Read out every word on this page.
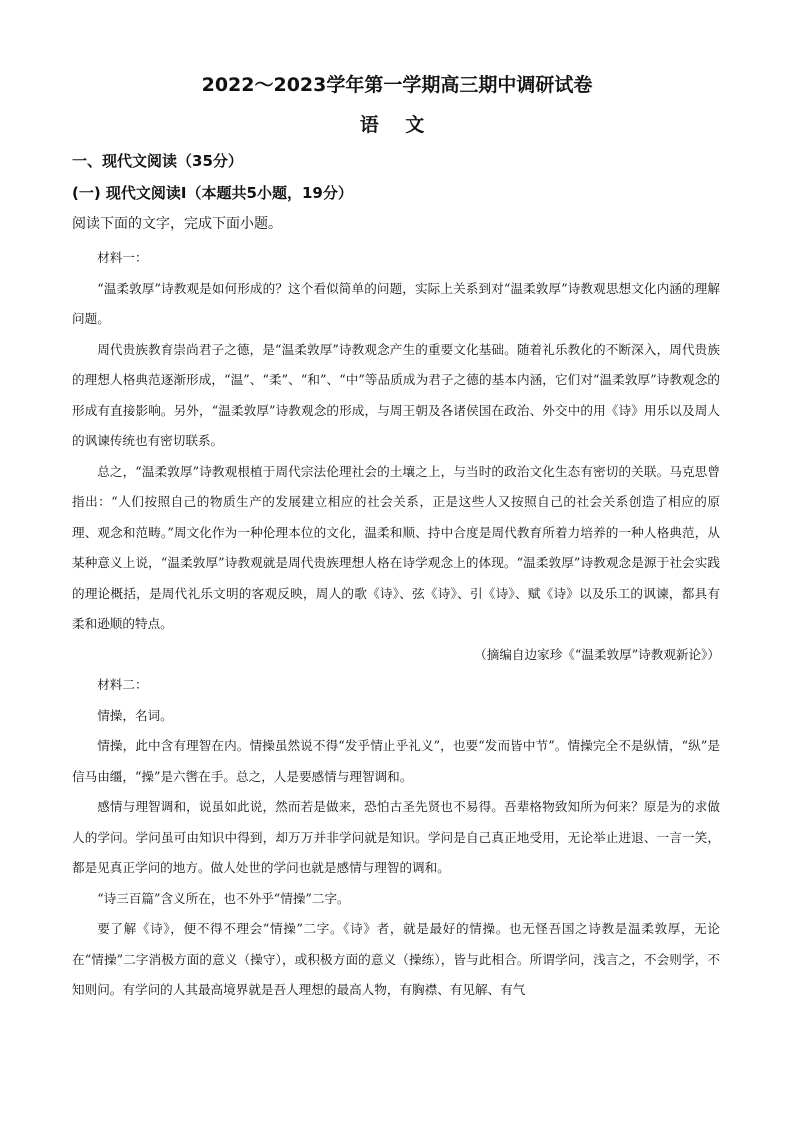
2022～2023学年第一学期高三期中调研试卷
语 文
一、现代文阅读（35分）
(一) 现代文阅读Ⅰ（本题共5小题，19分）
阅读下面的文字，完成下面小题。

材料一：

“温柔敦厚”诗教观是如何形成的？这个看似简单的问题，实际上关系到对“温柔敦厚”诗教观思想文化内涵的理解问题。

周代贵族教育崇尚君子之德，是“温柔敦厚”诗教观念产生的重要文化基础。随着礼乐教化的不断深入，周代贵族的理想人格典范逐渐形成，“温”、“柔”、“和”、“中”等品质成为君子之德的基本内涵，它们对“温柔敦厚”诗教观念的形成有直接影响。另外，“温柔敦厚”诗教观念的形成，与周王朝及各诸侯国在政治、外交中的用《诗》用乐以及周人的讽谏传统也有密切联系。

总之，“温柔敦厚”诗教观根植于周代宗法伦理社会的土壤之上，与当时的政治文化生态有密切的关联。马克思曾指出：“人们按照自己的物质生产的发展建立相应的社会关系，正是这些人又按照自己的社会关系创造了相应的原理、观念和范畴。”周文化作为一种伦理本位的文化，温柔和顺、持中合度是周代教育所着力培养的一种人格典范，从某种意义上说，“温柔敦厚”诗教观就是周代贵族理想人格在诗学观念上的体现。“温柔敦厚”诗教观念是源于社会实践的理论概括，是周代礼乐文明的客观反映，周人的歌《诗》、弦《诗》、引《诗》、赋《诗》以及乐工的讽谏，都具有柔和逊顺的特点。

（摘编自边家珍《“温柔敦厚”诗教观新论》）

材料二：

情操，名词。

情操，此中含有理智在内。情操虽然说不得“发乎情止乎礼义”，也要“发而皆中节”。情操完全不是纵情，“纵”是信马由缰，“操”是六辔在手。总之，人是要感情与理智调和。

感情与理智调和，说虽如此说，然而若是做来，恐怕古圣先贤也不易得。吾辈格物致知所为何来？原是为的求做人的学问。学问虽可由知识中得到，却万万并非学问就是知识。学问是自己真正地受用，无论举止进退、一言一笑，都是见真正学问的地方。做人处世的学问也就是感情与理智的调和。

“诗三百篇”含义所在，也不外乎“情操”二字。

要了解《诗》，便不得不理会“情操”二字。《诗》者，就是最好的情操。也无怪吾国之诗教是温柔敦厚，无论在“情操”二字消极方面的意义（操守），或积极方面的意义（操练），皆与此相合。所谓学问，浅言之，不会则学，不知则问。有学问的人其最高境界就是吾人理想的最高人物，有胸襟、有见解、有气
